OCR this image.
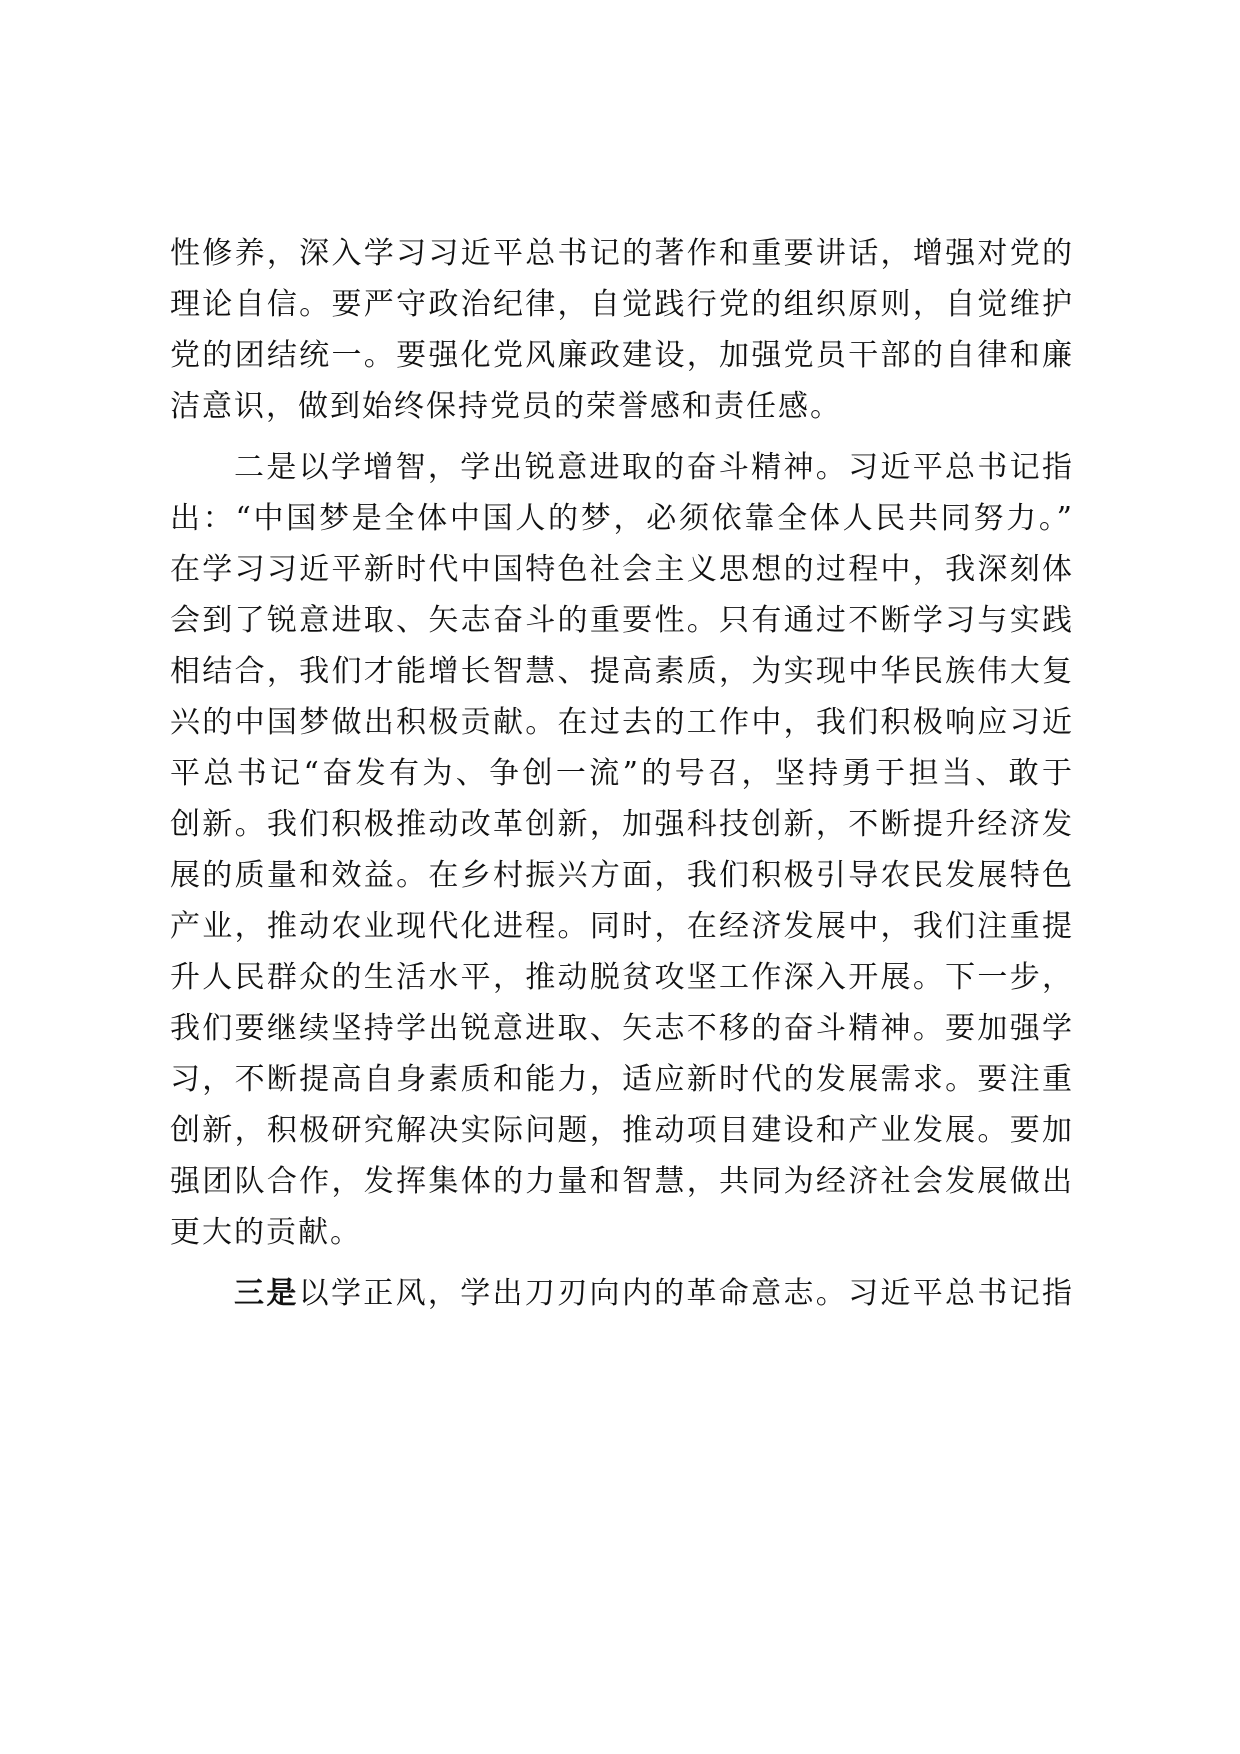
性修养，深入学习习近平总书记的著作和重要讲话，增强对党的
理论自信。要严守政治纪律，自觉践行党的组织原则，自觉维护
党的团结统一。要强化党风廉政建设，加强党员干部的自律和廉
洁意识，做到始终保持党员的荣誉感和责任感。
二是以学增智，学出锐意进取的奋斗精神。习近平总书记指
出：“中国梦是全体中国人的梦，必须依靠全体人民共同努力。”
在学习习近平新时代中国特色社会主义思想的过程中，我深刻体
会到了锐意进取、矢志奋斗的重要性。只有通过不断学习与实践
相结合，我们才能增长智慧、提高素质，为实现中华民族伟大复
兴的中国梦做出积极贡献。在过去的工作中，我们积极响应习近
平总书记“奋发有为、争创一流”的号召，坚持勇于担当、敢于
创新。我们积极推动改革创新，加强科技创新，不断提升经济发
展的质量和效益。在乡村振兴方面，我们积极引导农民发展特色
产业，推动农业现代化进程。同时，在经济发展中，我们注重提
升人民群众的生活水平，推动脱贫攻坚工作深入开展。下一步，
我们要继续坚持学出锐意进取、矢志不移的奋斗精神。要加强学
习，不断提高自身素质和能力，适应新时代的发展需求。要注重
创新，积极研究解决实际问题，推动项目建设和产业发展。要加
强团队合作，发挥集体的力量和智慧，共同为经济社会发展做出
更大的贡献。
三是以学正风，学出刀刃向内的革命意志。习近平总书记指
